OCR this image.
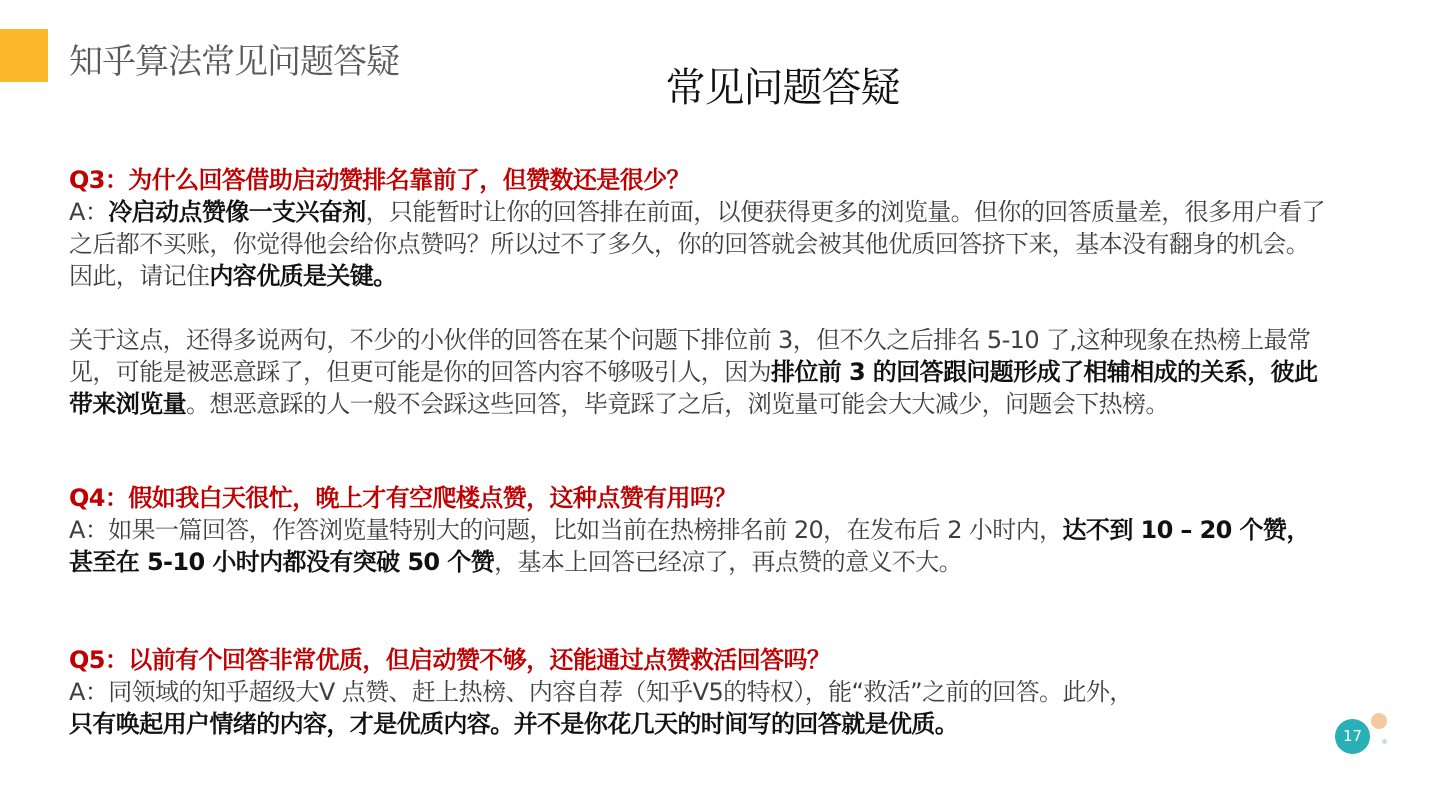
知乎算法常见问题答疑
常见问题答疑

Q3：为什么回答借助启动赞排名靠前了，但赞数还是很少？

A：冷启动点赞像一支兴奋剂，只能暂时让你的回答排在前面，以便获得更多的浏览量。但你的回答质量差，很多用户看了之后都不买账，你觉得他会给你点赞吗？所以过不了多久，你的回答就会被其他优质回答挤下来，基本没有翻身的机会。因此，请记住内容优质是关键。

关于这点，还得多说两句，不少的小伙伴的回答在某个问题下排位前 3，但不久之后排名 5-10 了,这种现象在热榜上最常见，可能是被恶意踩了，但更可能是你的回答内容不够吸引人，因为排位前 3 的回答跟问题形成了相辅相成的关系，彼此带来浏览量。想恶意踩的人一般不会踩这些回答，毕竟踩了之后，浏览量可能会大大减少，问题会下热榜。

Q4：假如我白天很忙，晚上才有空爬楼点赞，这种点赞有用吗？

A：如果一篇回答，作答浏览量特别大的问题，比如当前在热榜排名前 20，在发布后 2 小时内，达不到 10 – 20 个赞，甚至在 5-10 小时内都没有突破 50 个赞，基本上回答已经凉了，再点赞的意义不大。

Q5：以前有个回答非常优质，但启动赞不够，还能通过点赞救活回答吗？

A：同领域的知乎超级大V 点赞、赶上热榜、内容自荐（知乎V5的特权），能“救活”之前的回答。此外，
只有唤起用户情绪的内容，才是优质内容。并不是你花几天的时间写的回答就是优质。	17
